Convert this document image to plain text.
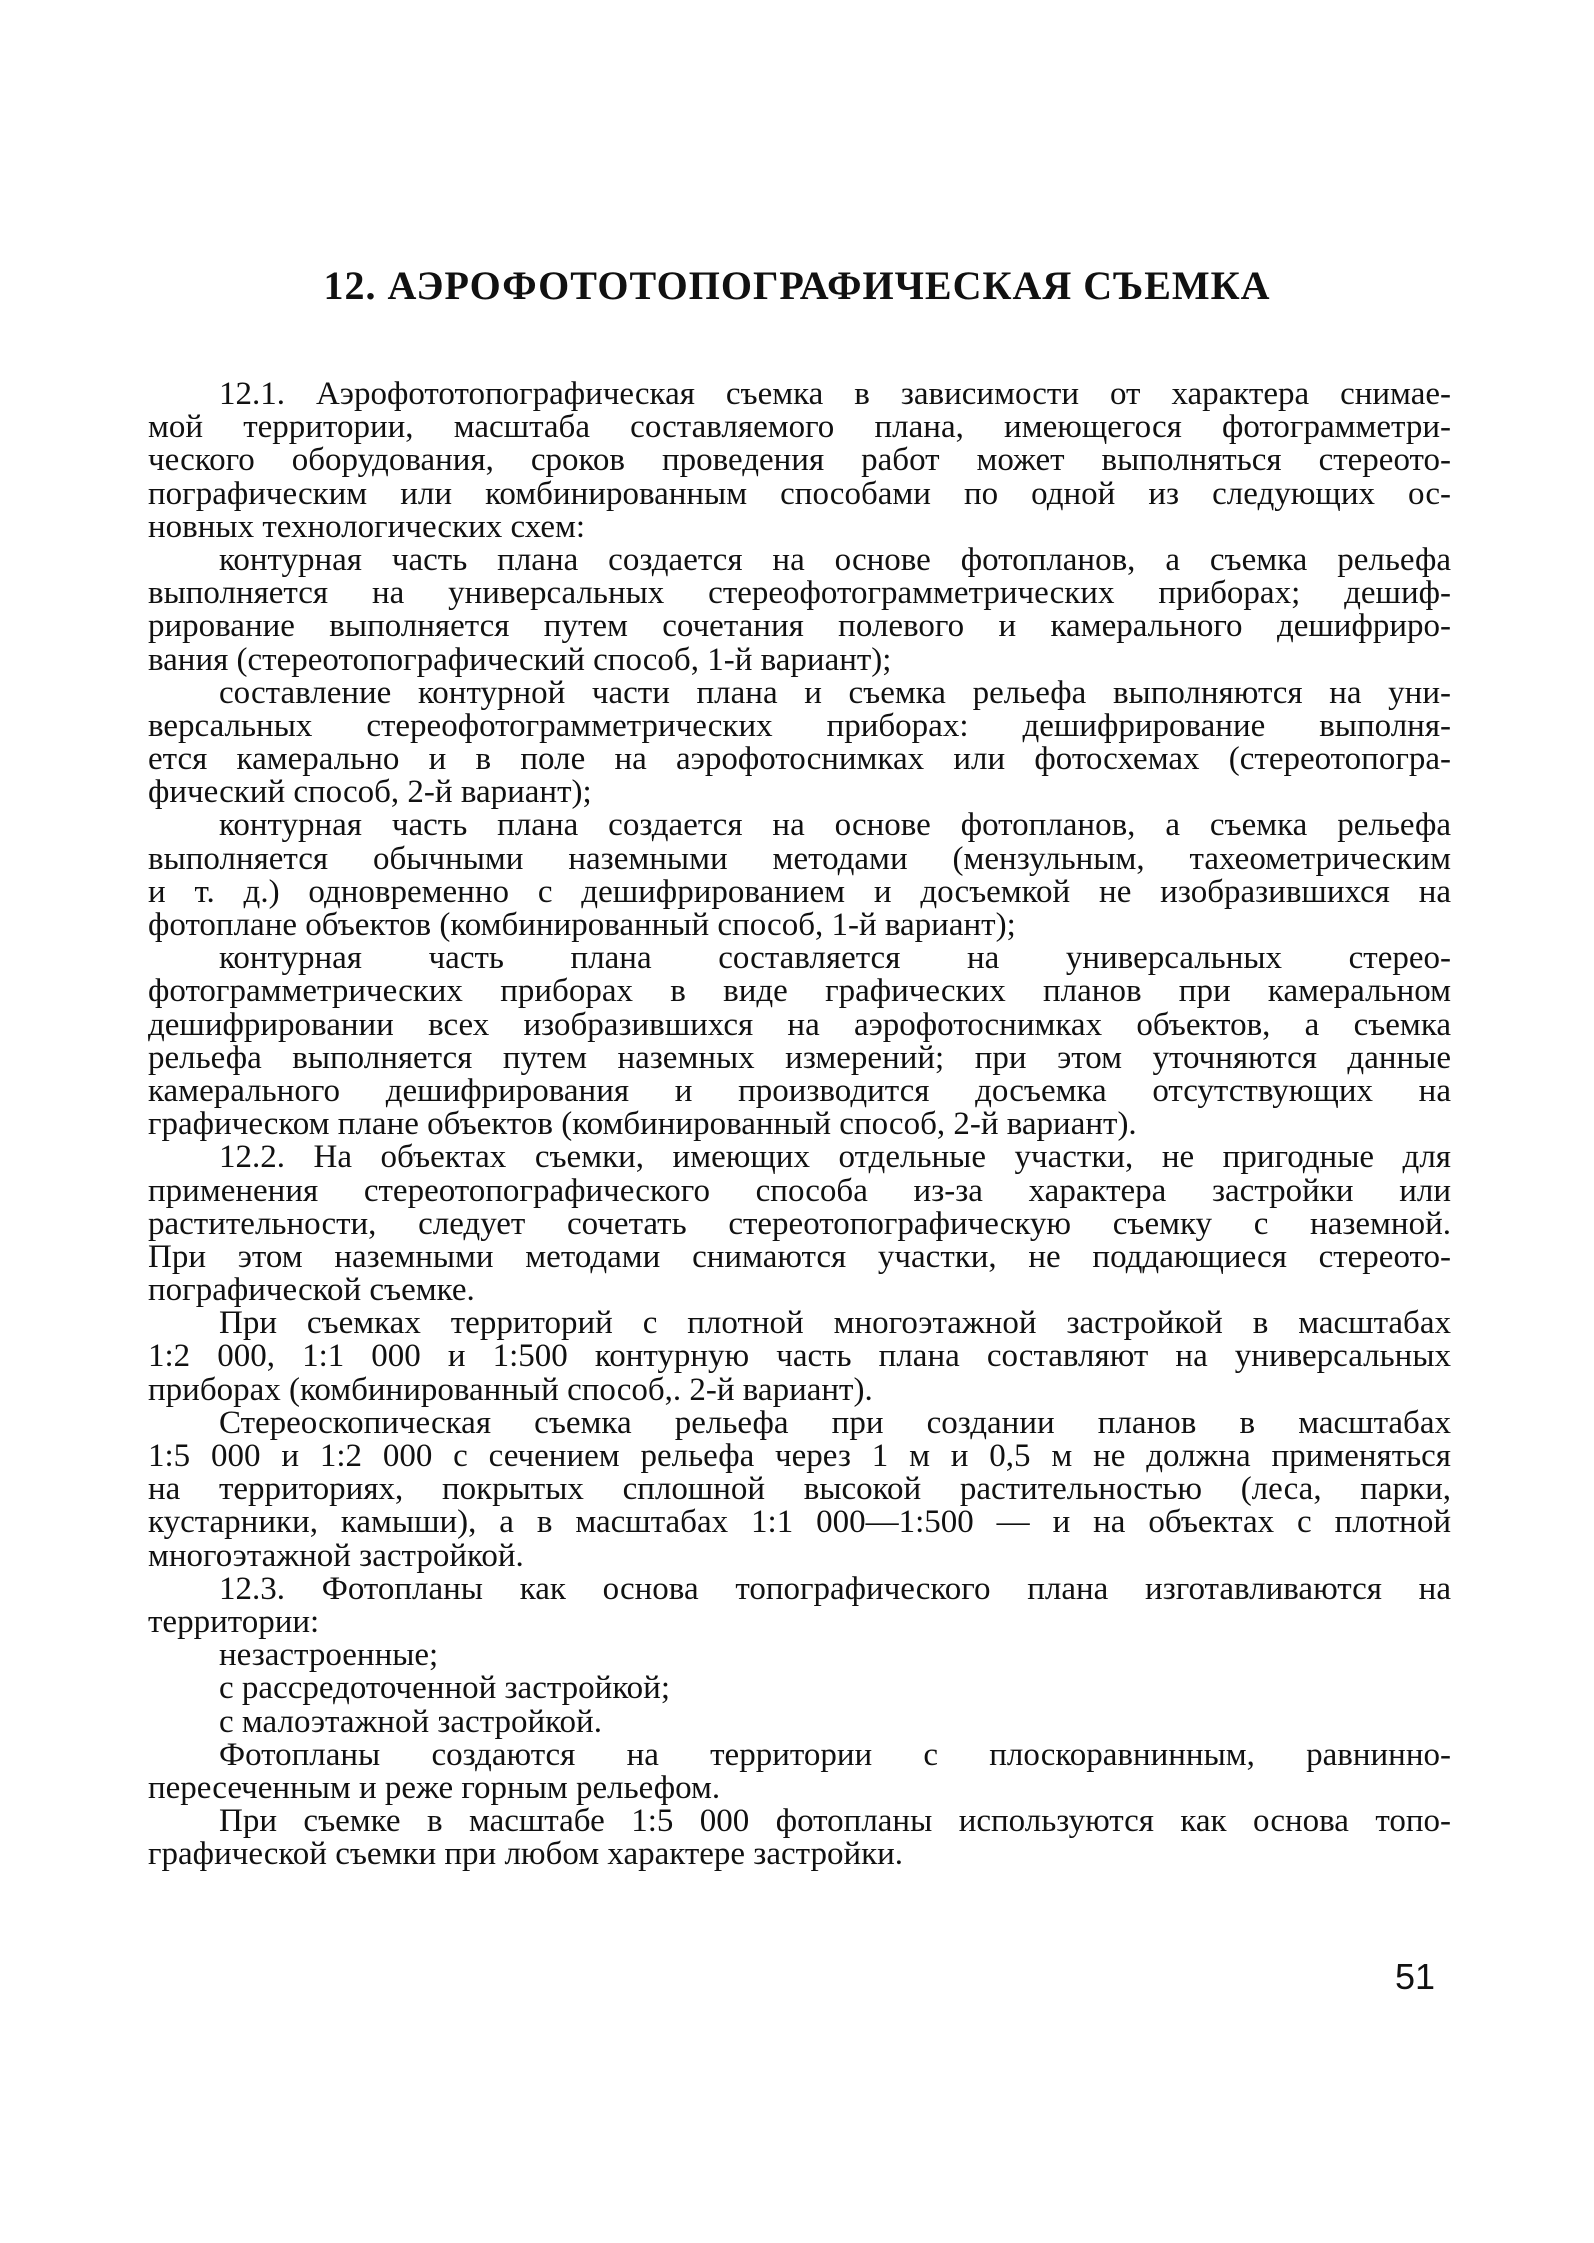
12. АЭРОФОТОТОПОГРАФИЧЕСКАЯ СЪЕМКА
12.1. Аэрофототопографическая съемка в зависимости от характера снимае-
мой территории, масштаба составляемого плана, имеющегося фотограмметри-
ческого оборудования, сроков проведения работ может выполняться стереото-
пографическим или комбинированным способами по одной из следующих ос-
новных технологических схем:
контурная часть плана создается на основе фотопланов, а съемка рельефа
выполняется на универсальных стереофотограмметрических приборах; дешиф-
рирование выполняется путем сочетания полевого и камерального дешифриро-
вания (стереотопографический способ, 1-й вариант);
составление контурной части плана и съемка рельефа выполняются на уни-
версальных стереофотограмметрических приборах: дешифрирование выполня-
ется камерально и в поле на аэрофотоснимках или фотосхемах (стереотопогра-
фический способ, 2-й вариант);
контурная часть плана создается на основе фотопланов, а съемка рельефа
выполняется обычными наземными методами (мензульным, тахеометрическим
и т. д.) одновременно с дешифрированием и досъемкой не изобразившихся на
фотоплане объектов (комбинированный способ, 1-й вариант);
контурная часть плана составляется на универсальных стерео-
фотограмметрических приборах в виде графических планов при камеральном
дешифрировании всех изобразившихся на аэрофотоснимках объектов, а съемка
рельефа выполняется путем наземных измерений; при этом уточняются данные
камерального дешифрирования и производится досъемка отсутствующих на
графическом плане объектов (комбинированный способ, 2-й вариант).
12.2. На объектах съемки, имеющих отдельные участки, не пригодные для
применения стереотопографического способа из-за характера застройки или
растительности, следует сочетать стереотопографическую съемку с наземной.
При этом наземными методами снимаются участки, не поддающиеся стереото-
пографической съемке.
При съемках территорий с плотной многоэтажной застройкой в масштабах
1:2 000, 1:1 000 и 1:500 контурную часть плана составляют на универсальных
приборах (комбинированный способ,. 2-й вариант).
Стереоскопическая съемка рельефа при создании планов в масштабах
1:5 000 и 1:2 000 с сечением рельефа через 1 м и 0,5 м не должна применяться
на территориях, покрытых сплошной высокой растительностью (леса, парки,
кустарники, камыши), а в масштабах 1:1 000—1:500 — и на объектах с плотной
многоэтажной застройкой.
12.3. Фотопланы как основа топографического плана изготавливаются на
территории:
незастроенные;
с рассредоточенной застройкой;
с малоэтажной застройкой.
Фотопланы создаются на территории с плоскоравнинным, равнинно-
пересеченным и реже горным рельефом.
При съемке в масштабе 1:5 000 фотопланы используются как основа топо-
графической съемки при любом характере застройки.
51
